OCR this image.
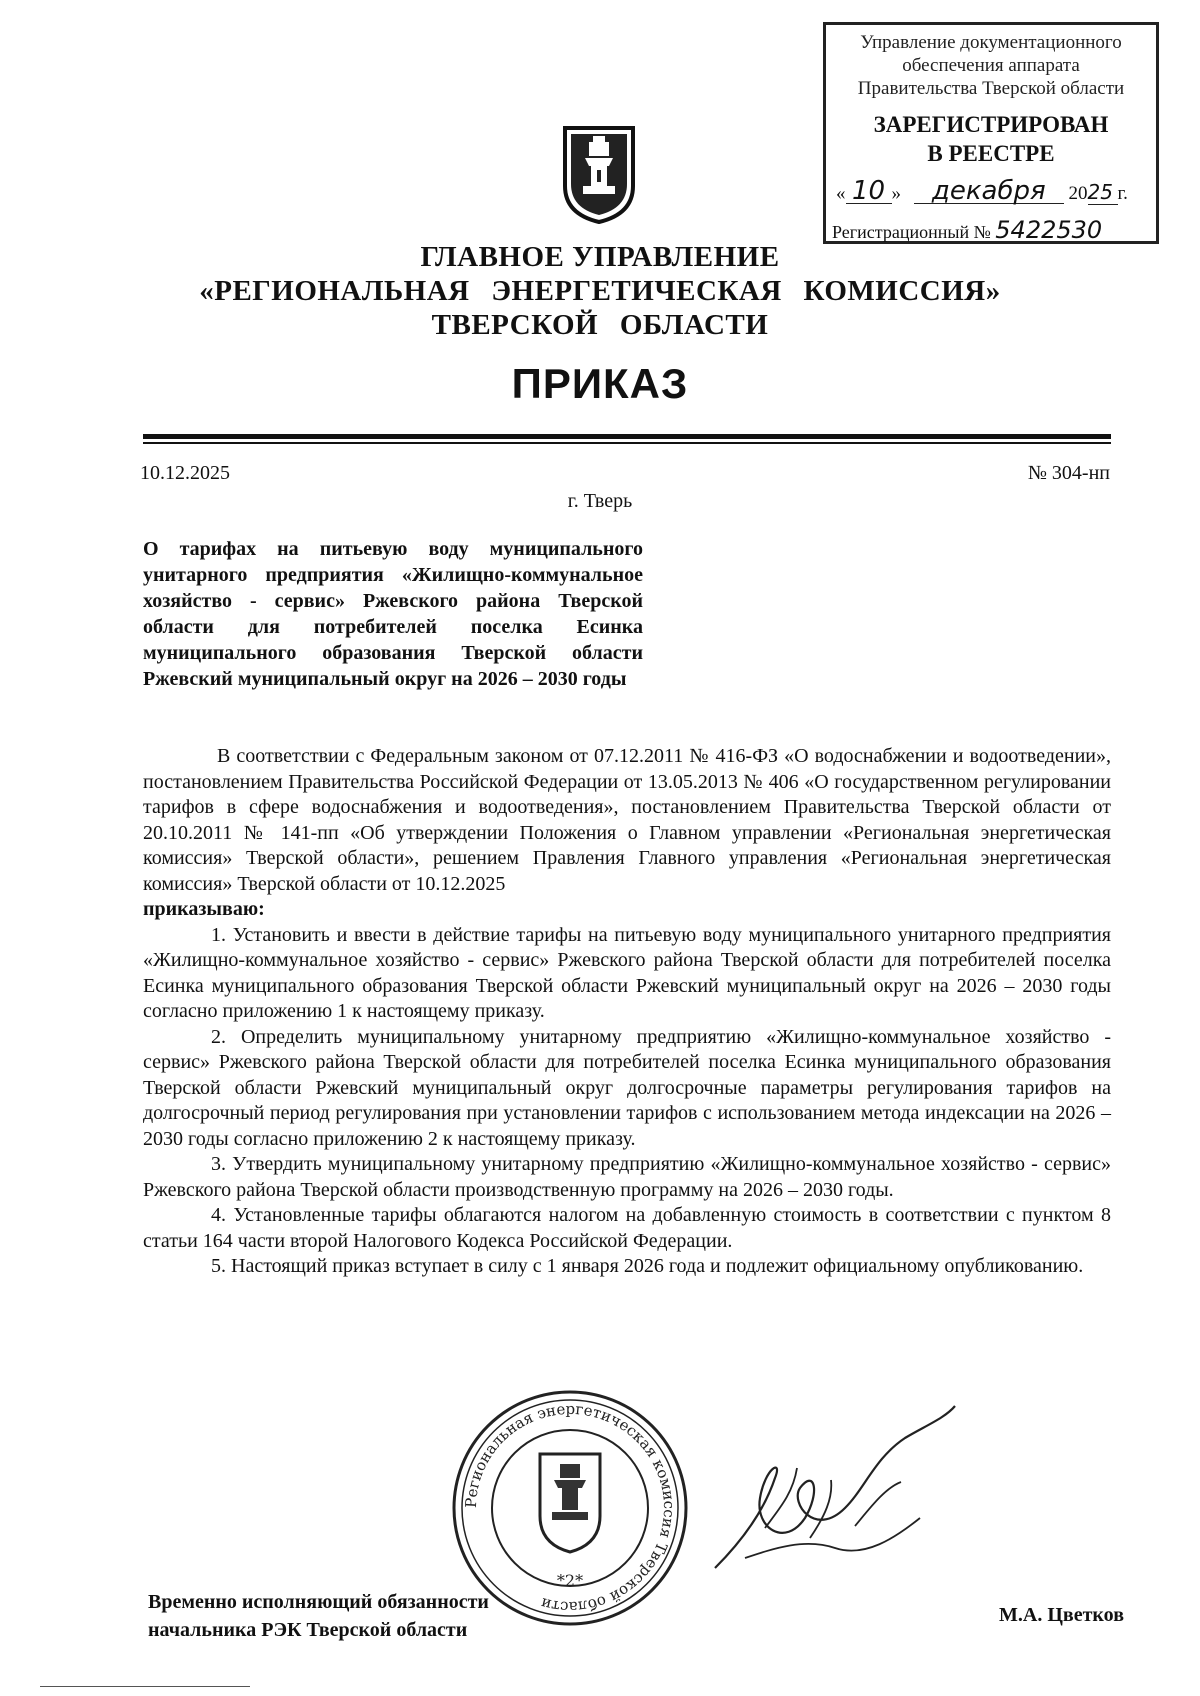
Управление документационного
обеспечения аппарата
Правительства Тверской области
ЗАРЕГИСТРИРОВАН
В РЕЕСТРЕ
« 10 » декабря 2025 г.
Регистрационный № 5422530
ГЛАВНОЕ УПРАВЛЕНИЕ
«РЕГИОНАЛЬНАЯ ЭНЕРГЕТИЧЕСКАЯ КОМИССИЯ»
ТВЕРСКОЙ ОБЛАСТИ
ПРИКАЗ
10.12.2025	№ 304-нп
г. Тверь
О тарифах на питьевую воду муниципального унитарного предприятия «Жилищно-коммунальное хозяйство - сервис» Ржевского района Тверской области для потребителей поселка Есинка муниципального образования Тверской области Ржевский муниципальный округ на 2026 – 2030 годы

В соответствии с Федеральным законом от 07.12.2011 № 416-ФЗ «О водоснабжении и водоотведении», постановлением Правительства Российской Федерации от 13.05.2013 № 406 «О государственном регулировании тарифов в сфере водоснабжения и водоотведения», постановлением Правительства Тверской области от 20.10.2011 № 141-пп «Об утверждении Положения о Главном управлении «Региональная энергетическая комиссия» Тверской области», решением Правления Главного управления «Региональная энергетическая комиссия» Тверской области от 10.12.2025

приказываю:

1. Установить и ввести в действие тарифы на питьевую воду муниципального унитарного предприятия «Жилищно-коммунальное хозяйство - сервис» Ржевского района Тверской области для потребителей поселка Есинка муниципального образования Тверской области Ржевский муниципальный округ на 2026 – 2030 годы согласно приложению 1 к настоящему приказу.

2. Определить муниципальному унитарному предприятию «Жилищно-коммунальное хозяйство - сервис» Ржевского района Тверской области для потребителей поселка Есинка муниципального образования Тверской области Ржевский муниципальный округ долгосрочные параметры регулирования тарифов на долгосрочный период регулирования при установлении тарифов с использованием метода индексации на 2026 – 2030 годы согласно приложению 2 к настоящему приказу.

3. Утвердить муниципальному унитарному предприятию «Жилищно-коммунальное хозяйство - сервис» Ржевского района Тверской области производственную программу на 2026 – 2030 годы.

4. Установленные тарифы облагаются налогом на добавленную стоимость в соответствии с пунктом 8 статьи 164 части второй Налогового Кодекса Российской Федерации.

5. Настоящий приказ вступает в силу с 1 января 2026 года и подлежит официальному опубликованию.

Региональная энергетическая комиссия Тверской области
*2*
Временно исполняющий обязанности
начальника РЭК Тверской области
М.А. Цветков
